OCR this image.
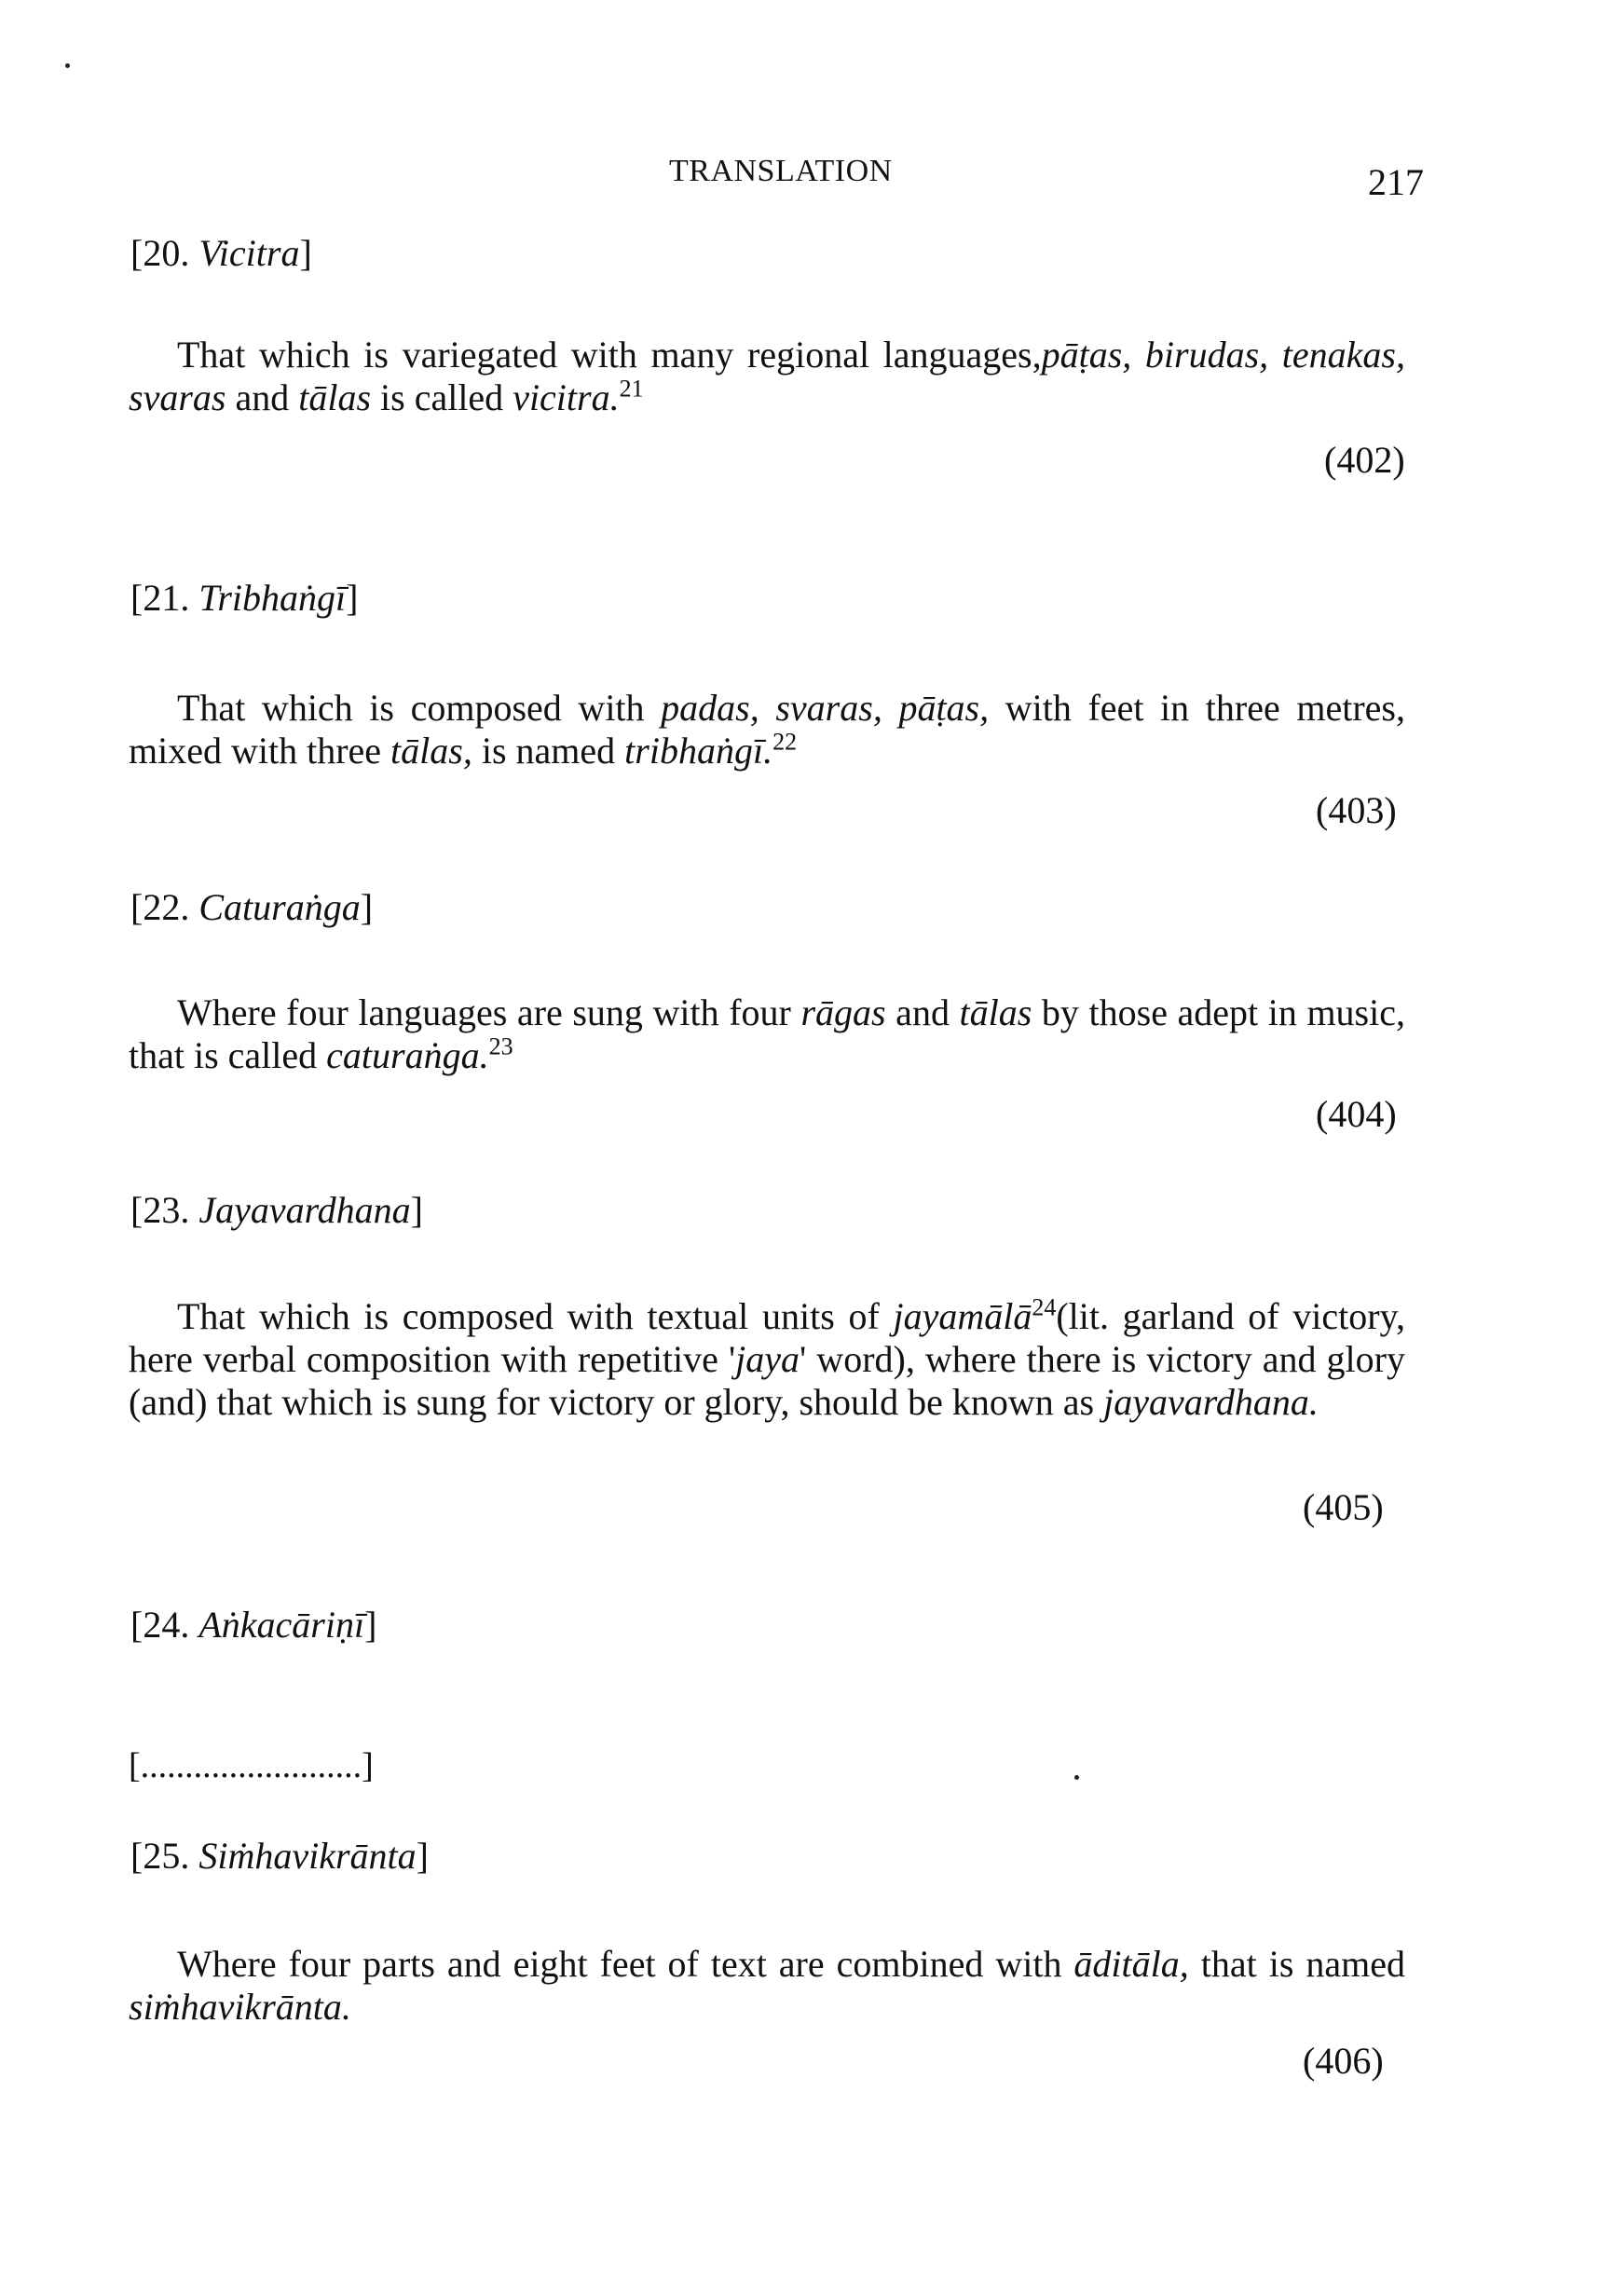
TRANSLATION	217
[20. Vicitra]
That which is variegated with many regional languages,pāṭas, birudas, tenakas, svaras and tālas is called vicitra.$^{21}$
(402)
[21. Tribhaṅgī]
That which is composed with padas, svaras, pāṭas, with feet in three metres, mixed with three tālas, is named tribhaṅgī.$^{22}$
(403)
[22. Caturaṅga]
Where four languages are sung with four rāgas and tālas by those adept in music, that is called caturaṅga.$^{23}$
(404)
[23. Jayavardhana]
That which is composed with textual units of jayamālā$^{24}$(lit. garland of victory, here verbal composition with repetitive 'jaya' word), where there is victory and glory (and) that which is sung for victory or glory, should be known as jayavardhana.
(405)
[24. Aṅkacāriṇī]
[.........................]
[25. Siṁhavikrānta]
Where four parts and eight feet of text are combined with āditāla, that is named siṁhavikrānta.
(406)
